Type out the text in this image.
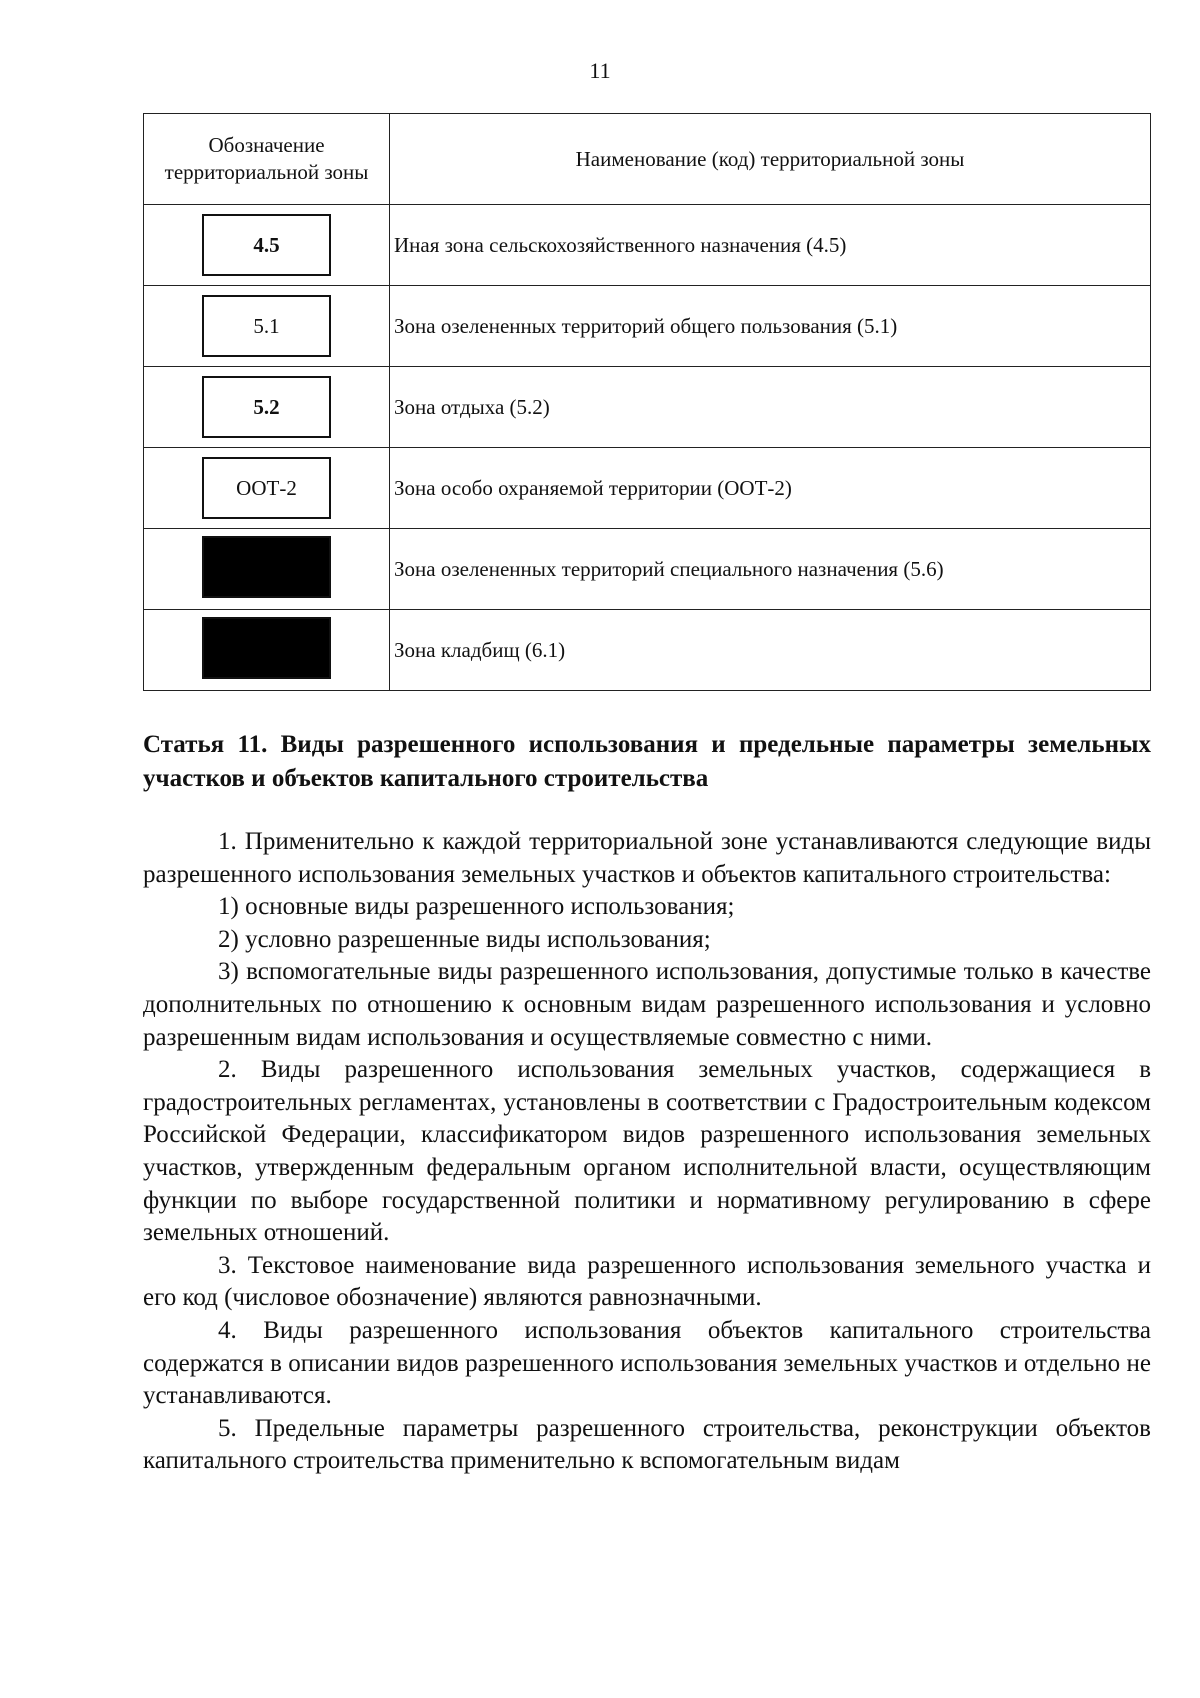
11
Обозначение территориальной зоны	Наименование (код) территориальной зоны
4.5	Иная зона сельскохозяйственного назначения (4.5)
5.1	Зона озелененных территорий общего пользования (5.1)
5.2	Зона отдыха (5.2)
ООТ-2	Зона особо охраняемой территории (ООТ-2)
	Зона озелененных территорий специального назначения (5.6)
	Зона кладбищ (6.1)
Статья 11. Виды разрешенного использования и предельные параметры земельных участков и объектов капитального строительства

1. Применительно к каждой территориальной зоне устанавливаются следующие виды разрешенного использования земельных участков и объектов капитального строительства:

1) основные виды разрешенного использования;

2) условно разрешенные виды использования;

3) вспомогательные виды разрешенного использования, допустимые только в качестве дополнительных по отношению к основным видам разрешенного использования и условно разрешенным видам использования и осуществляемые совместно с ними.

2. Виды разрешенного использования земельных участков, содержащиеся в градостроительных регламентах, установлены в соответствии с Градостроительным кодексом Российской Федерации, классификатором видов разрешенного использования земельных участков, утвержденным федеральным органом исполнительной власти, осуществляющим функции по выборе государственной политики и нормативному регулированию в сфере земельных отношений.

3. Текстовое наименование вида разрешенного использования земельного участка и его код (числовое обозначение) являются равнозначными.

4. Виды разрешенного использования объектов капитального строительства содержатся в описании видов разрешенного использования земельных участков и отдельно не устанавливаются.

5. Предельные параметры разрешенного строительства, реконструкции объектов капитального строительства применительно к вспомогательным видам
